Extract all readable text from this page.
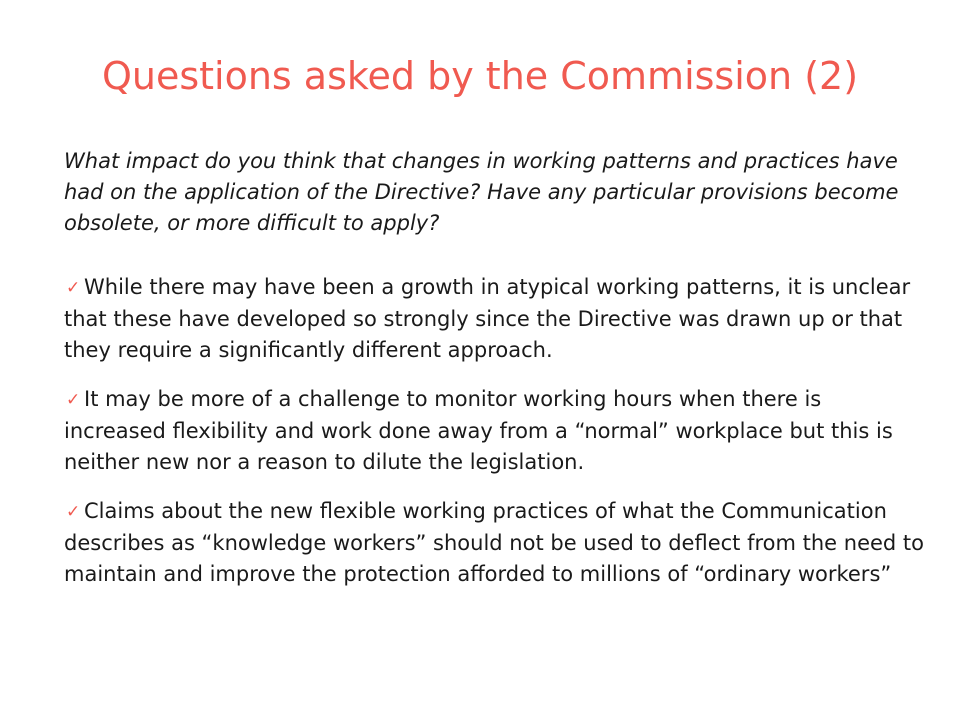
Questions asked by the Commission (2)

What impact do you think that changes in working patterns and practices have had on the application of the Directive? Have any particular provisions become obsolete, or more difficult to apply?

✓ While there may have been a growth in atypical working patterns, it is unclear that these have developed so strongly since the Directive was drawn up or that they require a significantly different approach.
✓ It may be more of a challenge to monitor working hours when there is increased flexibility and work done away from a “normal” workplace but this is neither new nor a reason to dilute the legislation.
✓ Claims about the new flexible working practices of what the Communication describes as “knowledge workers” should not be used to deflect from the need to maintain and improve the protection afforded to millions of “ordinary workers”
